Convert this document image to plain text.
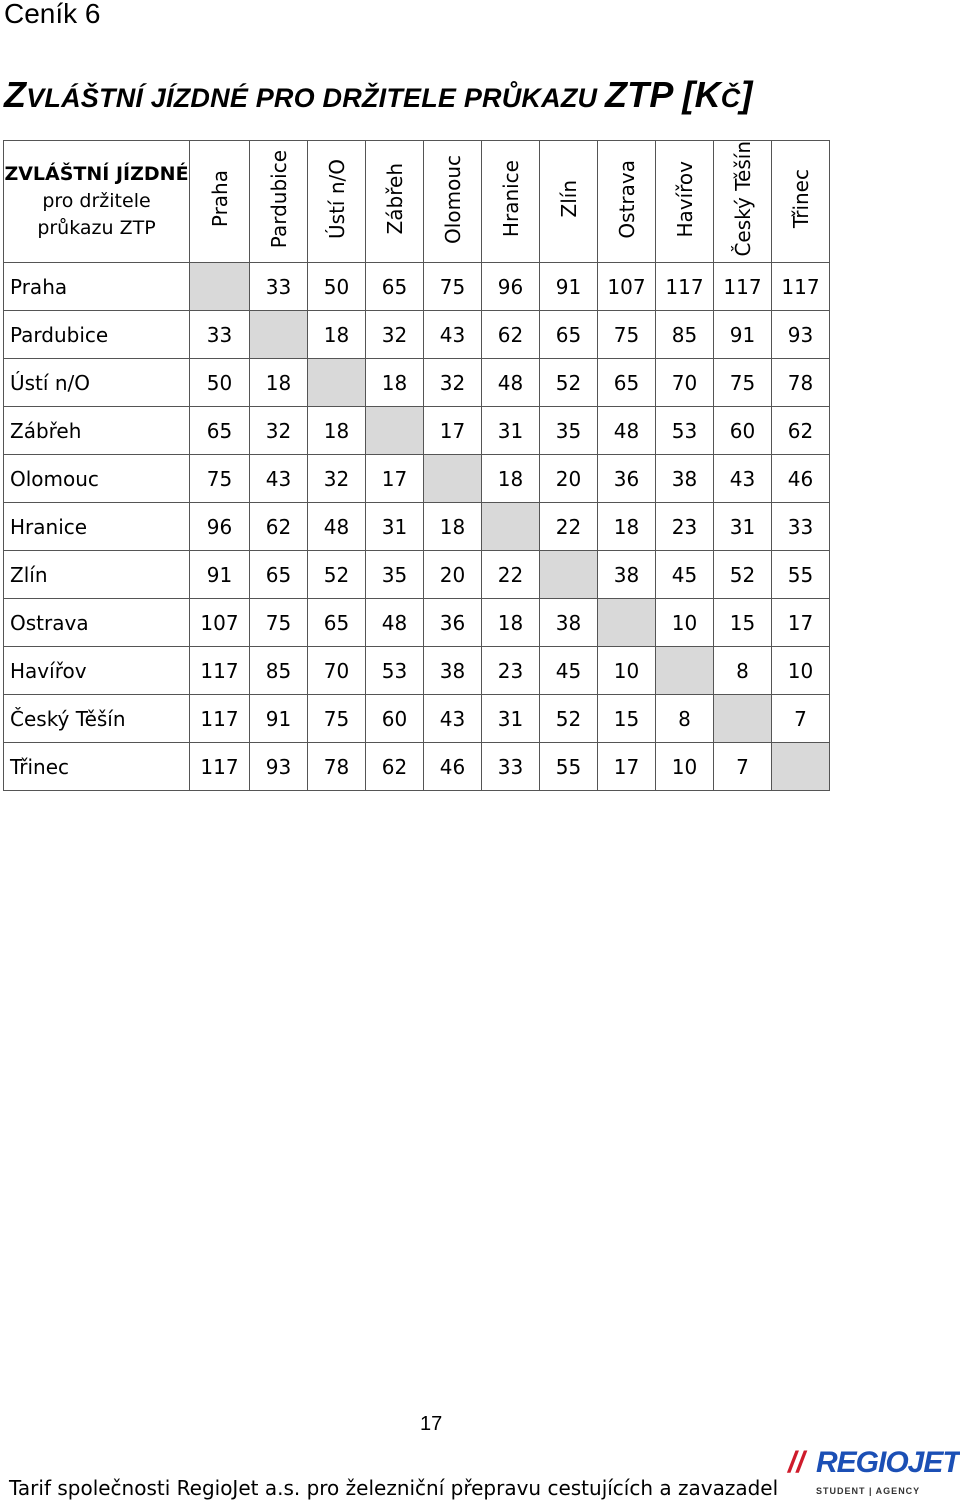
Ceník 6
ZVLÁŠTNÍ JÍZDNÉ PRO DRŽITELE PRŮKAZU ZTP [KČ]
ZVLÁŠTNÍ JÍZDNÉ
pro držitele
průkazu ZTP	Praha	Pardubice	Ústí n/O	Zábřeh	Olomouc	Hranice	Zlín	Ostrava	Havířov	Český Těšín	Třinec
Praha		33	50	65	75	96	91	107	117	117	117
Pardubice	33		18	32	43	62	65	75	85	91	93
Ústí n/O	50	18		18	32	48	52	65	70	75	78
Zábřeh	65	32	18		17	31	35	48	53	60	62
Olomouc	75	43	32	17		18	20	36	38	43	46
Hranice	96	62	48	31	18		22	18	23	31	33
Zlín	91	65	52	35	20	22		38	45	52	55
Ostrava	107	75	65	48	36	18	38		10	15	17
Havířov	117	85	70	53	38	23	45	10		8	10
Český Těšín	117	91	75	60	43	31	52	15	8		7
Třinec	117	93	78	62	46	33	55	17	10	7	
17
Tarif společnosti RegioJet a.s. pro železniční přepravu cestujících a zavazadel
// REGIOJET
STUDENT | AGENCY
